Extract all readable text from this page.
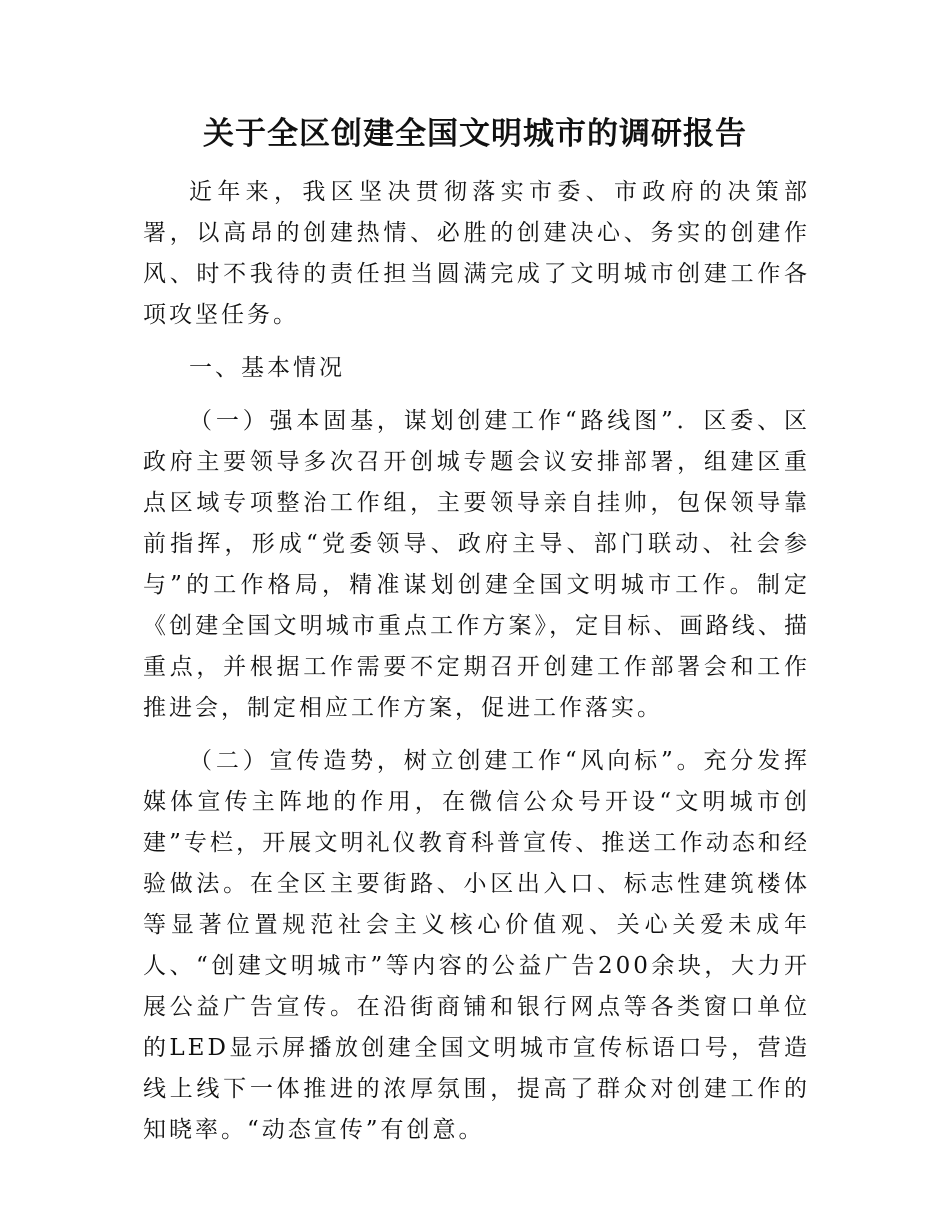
关于全区创建全国文明城市的调研报告

近年来，我区坚决贯彻落实市委、市政府的决策部署，以高昂的创建热情、必胜的创建决心、务实的创建作风、时不我待的责任担当圆满完成了文明城市创建工作各项攻坚任务。

一、基本情况

（一）强本固基，谋划创建工作“路线图”．区委、区政府主要领导多次召开创城专题会议安排部署，组建区重点区域专项整治工作组，主要领导亲自挂帅，包保领导靠前指挥，形成“党委领导、政府主导、部门联动、社会参与”的工作格局，精准谋划创建全国文明城市工作。制定《创建全国文明城市重点工作方案》，定目标、画路线、描重点，并根据工作需要不定期召开创建工作部署会和工作推进会，制定相应工作方案，促进工作落实。

（二）宣传造势，树立创建工作“风向标”。充分发挥媒体宣传主阵地的作用，在微信公众号开设“文明城市创建”专栏，开展文明礼仪教育科普宣传、推送工作动态和经验做法。在全区主要街路、小区出入口、标志性建筑楼体等显著位置规范社会主义核心价值观、关心关爱未成年人、“创建文明城市”等内容的公益广告200余块，大力开展公益广告宣传。在沿街商铺和银行网点等各类窗口单位的LED显示屏播放创建全国文明城市宣传标语口号，营造线上线下一体推进的浓厚氛围，提高了群众对创建工作的知晓率。“动态宣传”有创意。
